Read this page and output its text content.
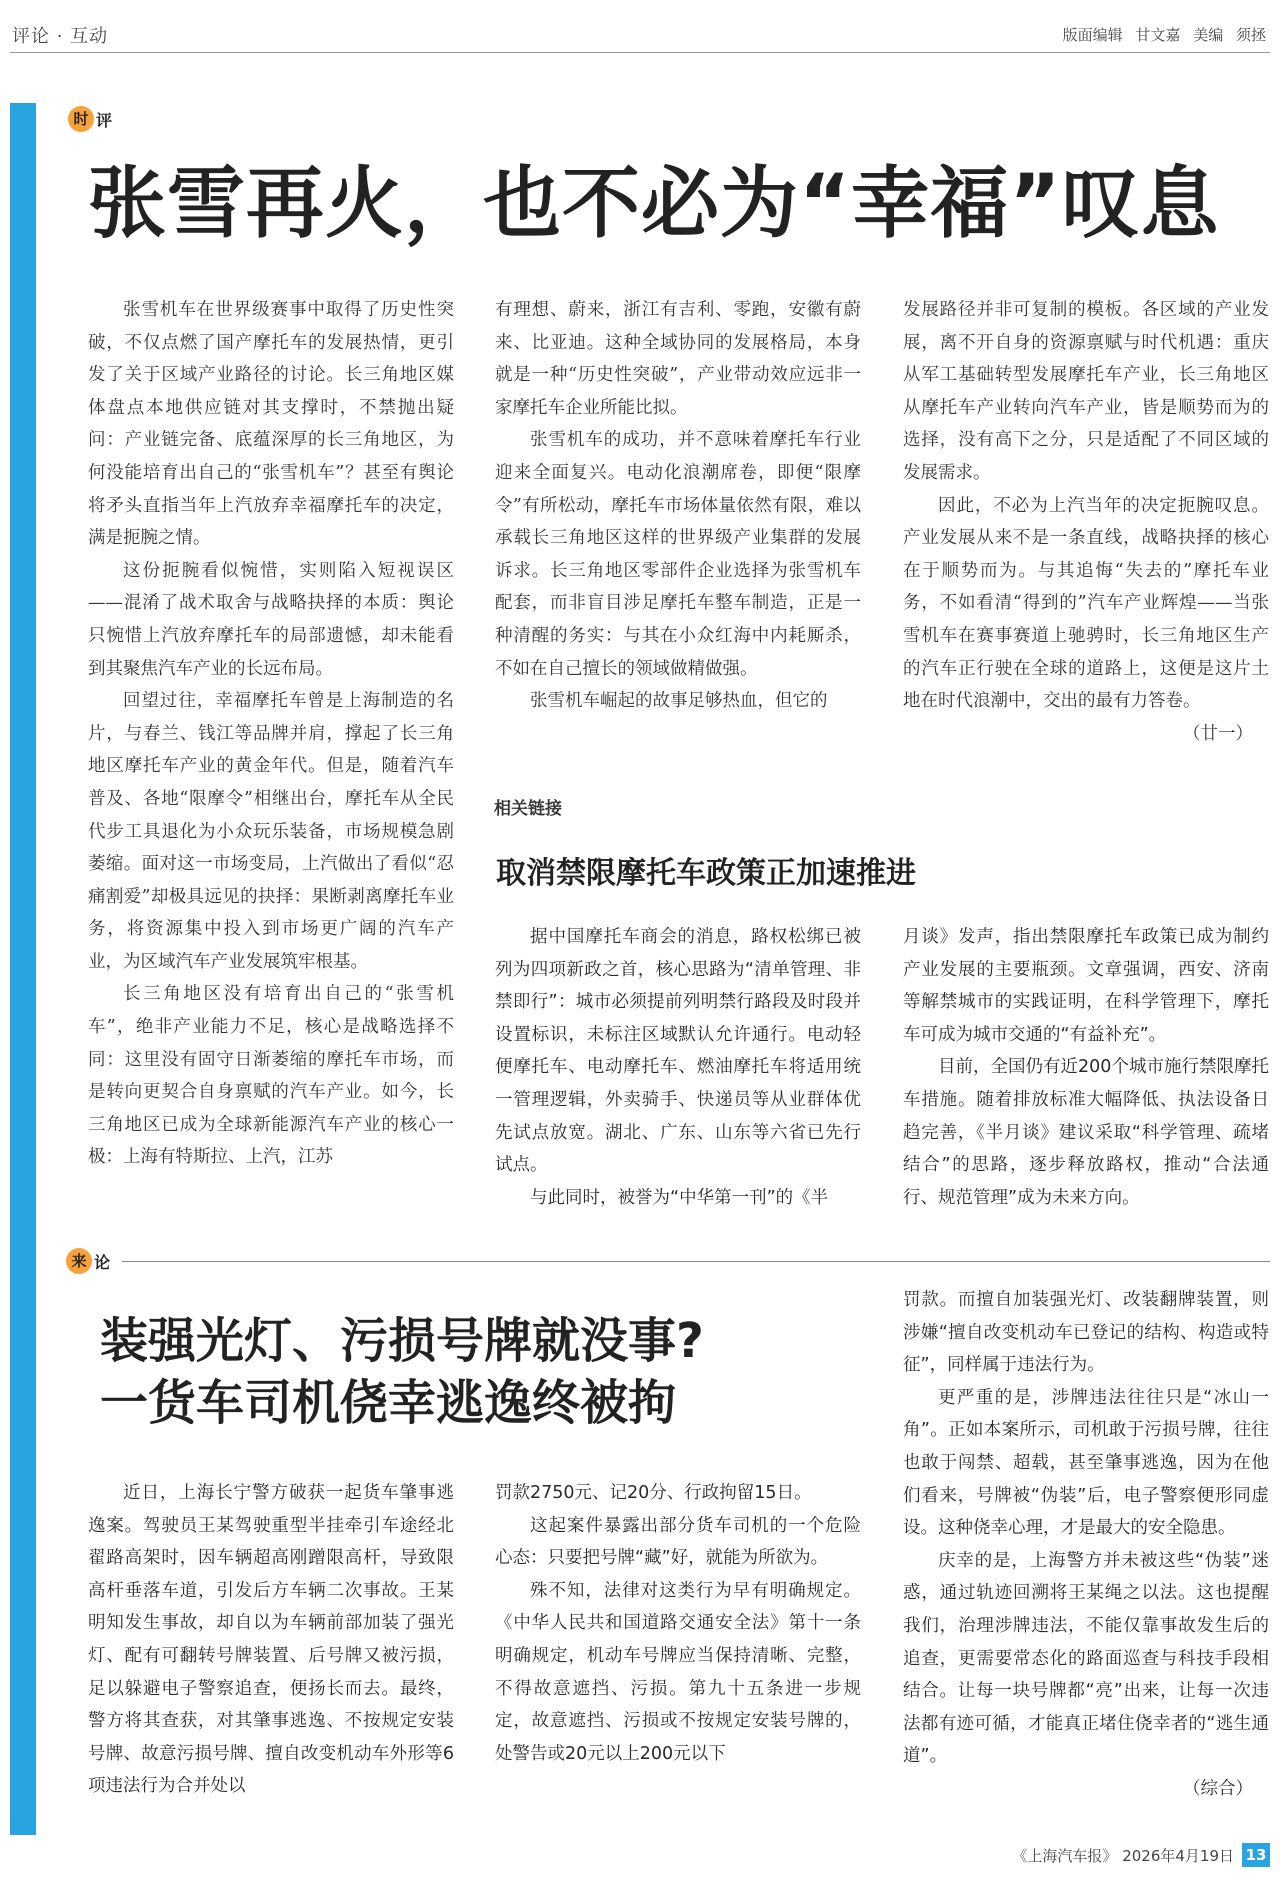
评论 · 互动	版面编辑 甘文嘉 美编 须拯
时 评
张雪再火，也不必为“幸福”叹息

张雪机车在世界级赛事中取得了历史性突破，不仅点燃了国产摩托车的发展热情，更引发了关于区域产业路径的讨论。长三角地区媒体盘点本地供应链对其支撑时，不禁抛出疑问：产业链完备、底蕴深厚的长三角地区，为何没能培育出自己的“张雪机车”？甚至有舆论将矛头直指当年上汽放弃幸福摩托车的决定，满是扼腕之情。

这份扼腕看似惋惜，实则陷入短视误区——混淆了战术取舍与战略抉择的本质：舆论只惋惜上汽放弃摩托车的局部遗憾，却未能看到其聚焦汽车产业的长远布局。

回望过往，幸福摩托车曾是上海制造的名片，与春兰、钱江等品牌并肩，撑起了长三角地区摩托车产业的黄金年代。但是，随着汽车普及、各地“限摩令”相继出台，摩托车从全民代步工具退化为小众玩乐装备，市场规模急剧萎缩。面对这一市场变局，上汽做出了看似“忍痛割爱”却极具远见的抉择：果断剥离摩托车业务，将资源集中投入到市场更广阔的汽车产业，为区域汽车产业发展筑牢根基。

长三角地区没有培育出自己的“张雪机车”，绝非产业能力不足，核心是战略选择不同：这里没有固守日渐萎缩的摩托车市场，而是转向更契合自身禀赋的汽车产业。如今，长三角地区已成为全球新能源汽车产业的核心一极：上海有特斯拉、上汽，江苏

有理想、蔚来，浙江有吉利、零跑，安徽有蔚来、比亚迪。这种全域协同的发展格局，本身就是一种“历史性突破”，产业带动效应远非一家摩托车企业所能比拟。

张雪机车的成功，并不意味着摩托车行业迎来全面复兴。电动化浪潮席卷，即便“限摩令”有所松动，摩托车市场体量依然有限，难以承载长三角地区这样的世界级产业集群的发展诉求。长三角地区零部件企业选择为张雪机车配套，而非盲目涉足摩托车整车制造，正是一种清醒的务实：与其在小众红海中内耗厮杀，不如在自己擅长的领域做精做强。

张雪机车崛起的故事足够热血，但它的

发展路径并非可复制的模板。各区域的产业发展，离不开自身的资源禀赋与时代机遇：重庆从军工基础转型发展摩托车产业，长三角地区从摩托车产业转向汽车产业，皆是顺势而为的选择，没有高下之分，只是适配了不同区域的发展需求。

因此，不必为上汽当年的决定扼腕叹息。产业发展从来不是一条直线，战略抉择的核心在于顺势而为。与其追悔“失去的”摩托车业务，不如看清“得到的”汽车产业辉煌——当张雪机车在赛事赛道上驰骋时，长三角地区生产的汽车正行驶在全球的道路上，这便是这片土地在时代浪潮中，交出的最有力答卷。

（廿一）

相关链接
取消禁限摩托车政策正加速推进

据中国摩托车商会的消息，路权松绑已被列为四项新政之首，核心思路为“清单管理、非禁即行”：城市必须提前列明禁行路段及时段并设置标识，未标注区域默认允许通行。电动轻便摩托车、电动摩托车、燃油摩托车将适用统一管理逻辑，外卖骑手、快递员等从业群体优先试点放宽。湖北、广东、山东等六省已先行试点。

与此同时，被誉为“中华第一刊”的《半

月谈》发声，指出禁限摩托车政策已成为制约产业发展的主要瓶颈。文章强调，西安、济南等解禁城市的实践证明，在科学管理下，摩托车可成为城市交通的“有益补充”。

目前，全国仍有近200个城市施行禁限摩托车措施。随着排放标准大幅降低、执法设备日趋完善，《半月谈》建议采取“科学管理、疏堵结合”的思路，逐步释放路权，推动“合法通行、规范管理”成为未来方向。

来 论
装强光灯、污损号牌就没事?
一货车司机侥幸逃逸终被拘

近日，上海长宁警方破获一起货车肇事逃逸案。驾驶员王某驾驶重型半挂牵引车途经北翟路高架时，因车辆超高刚蹭限高杆，导致限高杆垂落车道，引发后方车辆二次事故。王某明知发生事故，却自以为车辆前部加装了强光灯、配有可翻转号牌装置、后号牌又被污损，足以躲避电子警察追查，便扬长而去。最终，警方将其查获，对其肇事逃逸、不按规定安装号牌、故意污损号牌、擅自改变机动车外形等6项违法行为合并处以

罚款2750元、记20分、行政拘留15日。

这起案件暴露出部分货车司机的一个危险心态：只要把号牌“藏”好，就能为所欲为。

殊不知，法律对这类行为早有明确规定。《中华人民共和国道路交通安全法》第十一条明确规定，机动车号牌应当保持清晰、完整，不得故意遮挡、污损。第九十五条进一步规定，故意遮挡、污损或不按规定安装号牌的，处警告或20元以上200元以下

罚款。而擅自加装强光灯、改装翻牌装置，则涉嫌“擅自改变机动车已登记的结构、构造或特征”，同样属于违法行为。

更严重的是，涉牌违法往往只是“冰山一角”。正如本案所示，司机敢于污损号牌，往往也敢于闯禁、超载，甚至肇事逃逸，因为在他们看来，号牌被“伪装”后，电子警察便形同虚设。这种侥幸心理，才是最大的安全隐患。

庆幸的是，上海警方并未被这些“伪装”迷惑，通过轨迹回溯将王某绳之以法。这也提醒我们，治理涉牌违法，不能仅靠事故发生后的追查，更需要常态化的路面巡查与科技手段相结合。让每一块号牌都“亮”出来，让每一次违法都有迹可循，才能真正堵住侥幸者的“逃生通道”。

（综合）

《上海汽车报》 2026年4月19日 13
